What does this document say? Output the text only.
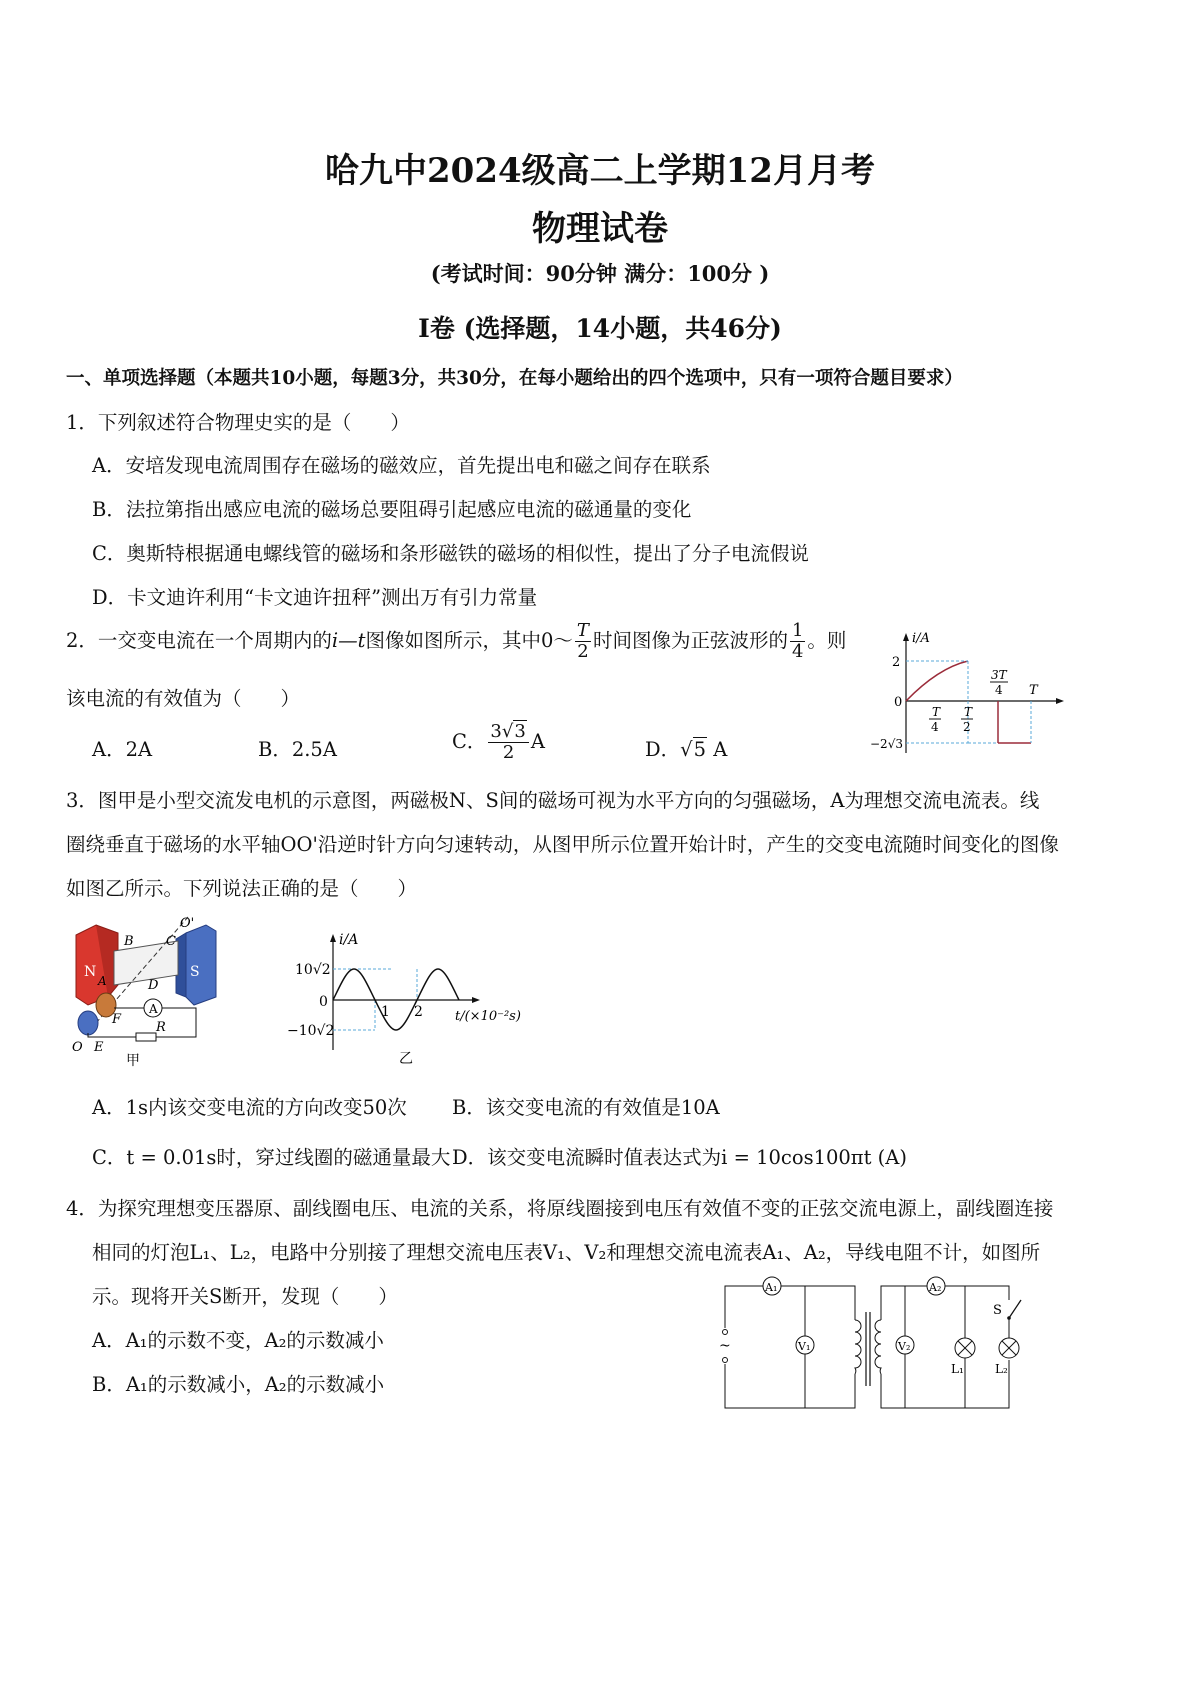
哈九中2024级高二上学期12月月考
物理试卷
(考试时间：90分钟 满分：100分 )
I卷 (选择题，14小题，共46分)
一、单项选择题（本题共10小题，每题3分，共30分，在每小题给出的四个选项中，只有一项符合题目要求）
1．下列叙述符合物理史实的是（　　）
A．安培发现电流周围存在磁场的磁效应，首先提出电和磁之间存在联系
B．法拉第指出感应电流的磁场总要阻碍引起感应电流的磁通量的变化
C．奥斯特根据通电螺线管的磁场和条形磁铁的磁场的相似性，提出了分子电流假说
D．卡文迪许利用“卡文迪许扭秤”测出万有引力常量
2．一交变电流在一个周期内的i—t图像如图所示，其中0～ $\frac{T}{2}$ 时间图像为正弦波形的 $\frac{1}{4}$ 。则
该电流的有效值为（　　）
A．2A	B．2.5A	C． $\frac{3√3}{2}$ A	D．√5 A
i/A
2
0
−2√3
T
4
T
2
3T
4 T
3．图甲是小型交流发电机的示意图，两磁极N、S间的磁场可视为水平方向的匀强磁场，A为理想交流电流表。线
圈绕垂直于磁场的水平轴OO'沿逆时针方向匀速转动，从图甲所示位置开始计时，产生的交变电流随时间变化的图像
如图乙所示。下列说法正确的是（　　）
A
N	S
B C
O'
A	D
F
R
O E
甲
i/A
10√2
0
−10√2
1 2 t/(×10⁻²s)
乙
A．1s内该交变电流的方向改变50次 B．该交变电流的有效值是10A
C．t = 0.01s时，穿过线圈的磁通量最大 D．该交变电流瞬时值表达式为i = 10cos100πt (A)
4．为探究理想变压器原、副线圈电压、电流的关系，将原线圈接到电压有效值不变的正弦交流电源上，副线圈连接
相同的灯泡L₁、L₂，电路中分别接了理想交流电压表V₁、V₂和理想交流电流表A₁、A₂，导线电阻不计，如图所
示。现将开关S断开，发现（　　）
A．A₁的示数不变，A₂的示数减小
B．A₁的示数减小，A₂的示数减小
A₁
V₁
~
A₂
V₂
L₁
S
L₂
